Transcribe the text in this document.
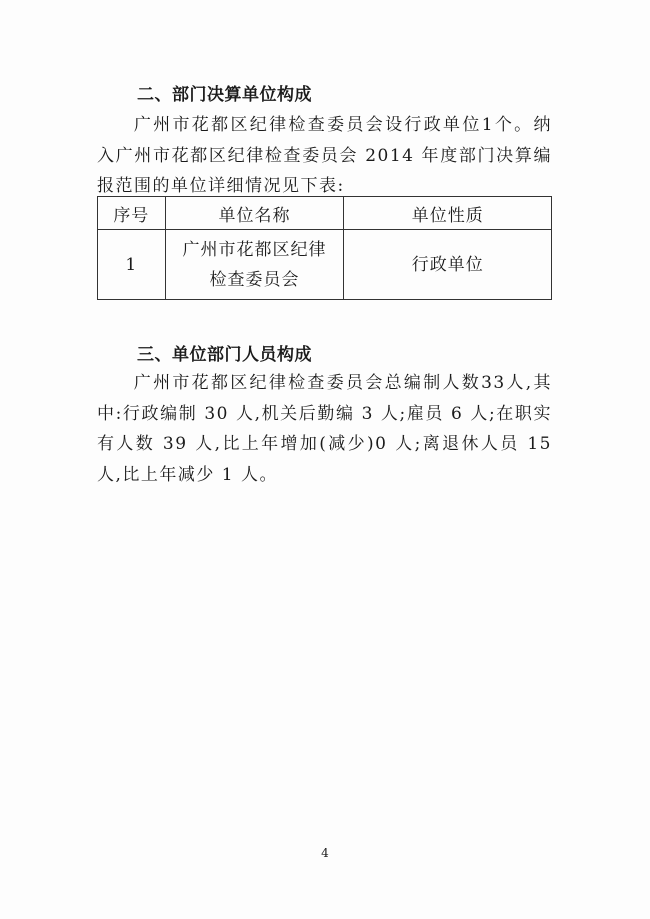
二、部门决算单位构成
广州市花都区纪律检查委员会设行政单位1个。纳入广州市花都区纪律检查委员会 2014 年度部门决算编报范围的单位详细情况见下表:
序号	单位名称	单位性质
1	广州市花都区纪律检查委员会	行政单位
三、单位部门人员构成
广州市花都区纪律检查委员会总编制人数33人,其中:行政编制 30 人,机关后勤编 3 人;雇员 6 人;在职实有人数 39 人,比上年增加(减少)0 人;离退休人员 15 人,比上年减少 1 人。
4
